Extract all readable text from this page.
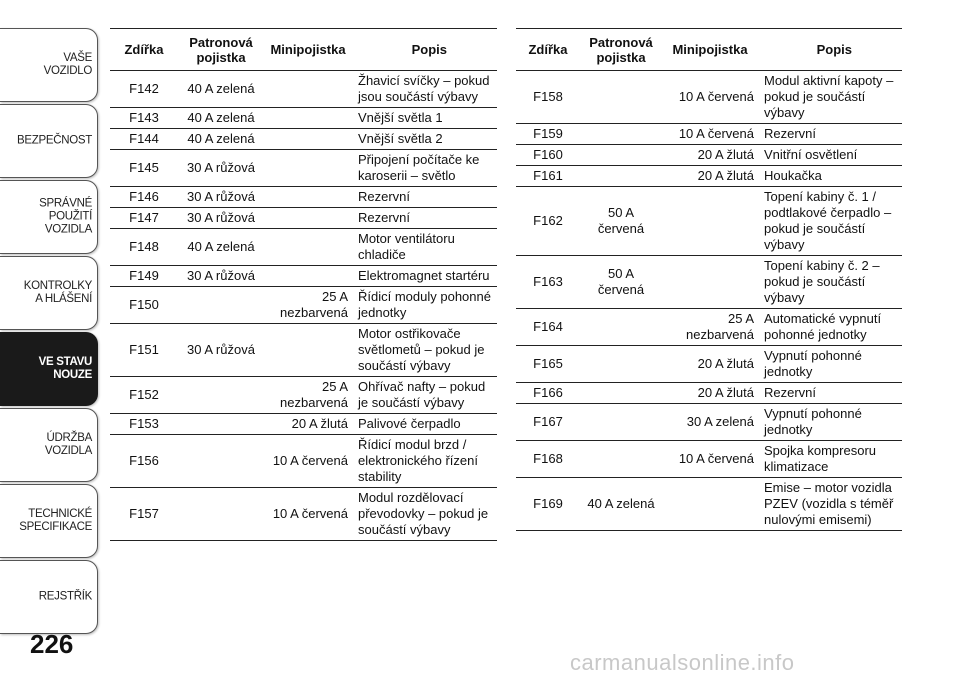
VAŠE
VOZIDLO
BEZPEČNOST
SPRÁVNÉ
POUŽITÍ
VOZIDLA
KONTROLKY
A HLÁŠENÍ
VE STAVU
NOUZE
ÚDRŽBA
VOZIDLA
TECHNICKÉ
SPECIFIKACE
REJSTŘÍK
226
Zdířka	Patronová pojistka	Minipojistka	Popis
F142	40 A zelená		Žhavicí svíčky – pokud jsou součástí výbavy
F143	40 A zelená		Vnější světla 1
F144	40 A zelená		Vnější světla 2
F145	30 A růžová		Připojení počítače ke karoserii – světlo
F146	30 A růžová		Rezervní
F147	30 A růžová		Rezervní
F148	40 A zelená		Motor ventilátoru chladiče
F149	30 A růžová		Elektromagnet startéru
F150		25 A nezbarvená	Řídicí moduly pohonné jednotky
F151	30 A růžová		Motor ostřikovače světlometů – pokud je součástí výbavy
F152		25 A nezbarvená	Ohřívač nafty – pokud je součástí výbavy
F153		20 A žlutá	Palivové čerpadlo
F156		10 A červená	Řídicí modul brzd / elektronického řízení stability
F157		10 A červená	Modul rozdělovací převodovky – pokud je součástí výbavy
Zdířka	Patronová pojistka	Minipojistka	Popis
F158		10 A červená	Modul aktivní kapoty – pokud je součástí výbavy
F159		10 A červená	Rezervní
F160		20 A žlutá	Vnitřní osvětlení
F161		20 A žlutá	Houkačka
F162	50 A červená		Topení kabiny č. 1 / podtlakové čerpadlo – pokud je součástí výbavy
F163	50 A červená		Topení kabiny č. 2 – pokud je součástí výbavy
F164		25 A nezbarvená	Automatické vypnutí pohonné jednotky
F165		20 A žlutá	Vypnutí pohonné jednotky
F166		20 A žlutá	Rezervní
F167		30 A zelená	Vypnutí pohonné jednotky
F168		10 A červená	Spojka kompresoru klimatizace
F169	40 A zelená		Emise – motor vozidla PZEV (vozidla s téměř nulovými emisemi)
carmanualsonline.info
